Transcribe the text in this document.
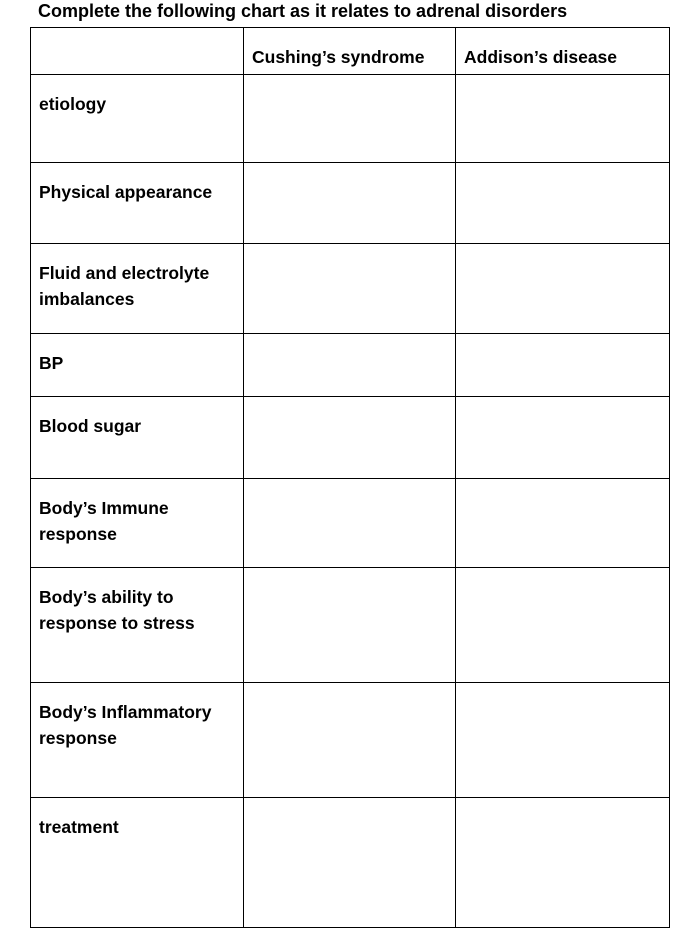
Complete the following chart as it relates to adrenal disorders

	Cushing’s syndrome	Addison’s disease

etiology		

Physical appearance		

Fluid and electrolyte imbalances		

BP		

Blood sugar		

Body’s Immune response		

Body’s ability to response to stress		

Body’s Inflammatory response		

treatment		
